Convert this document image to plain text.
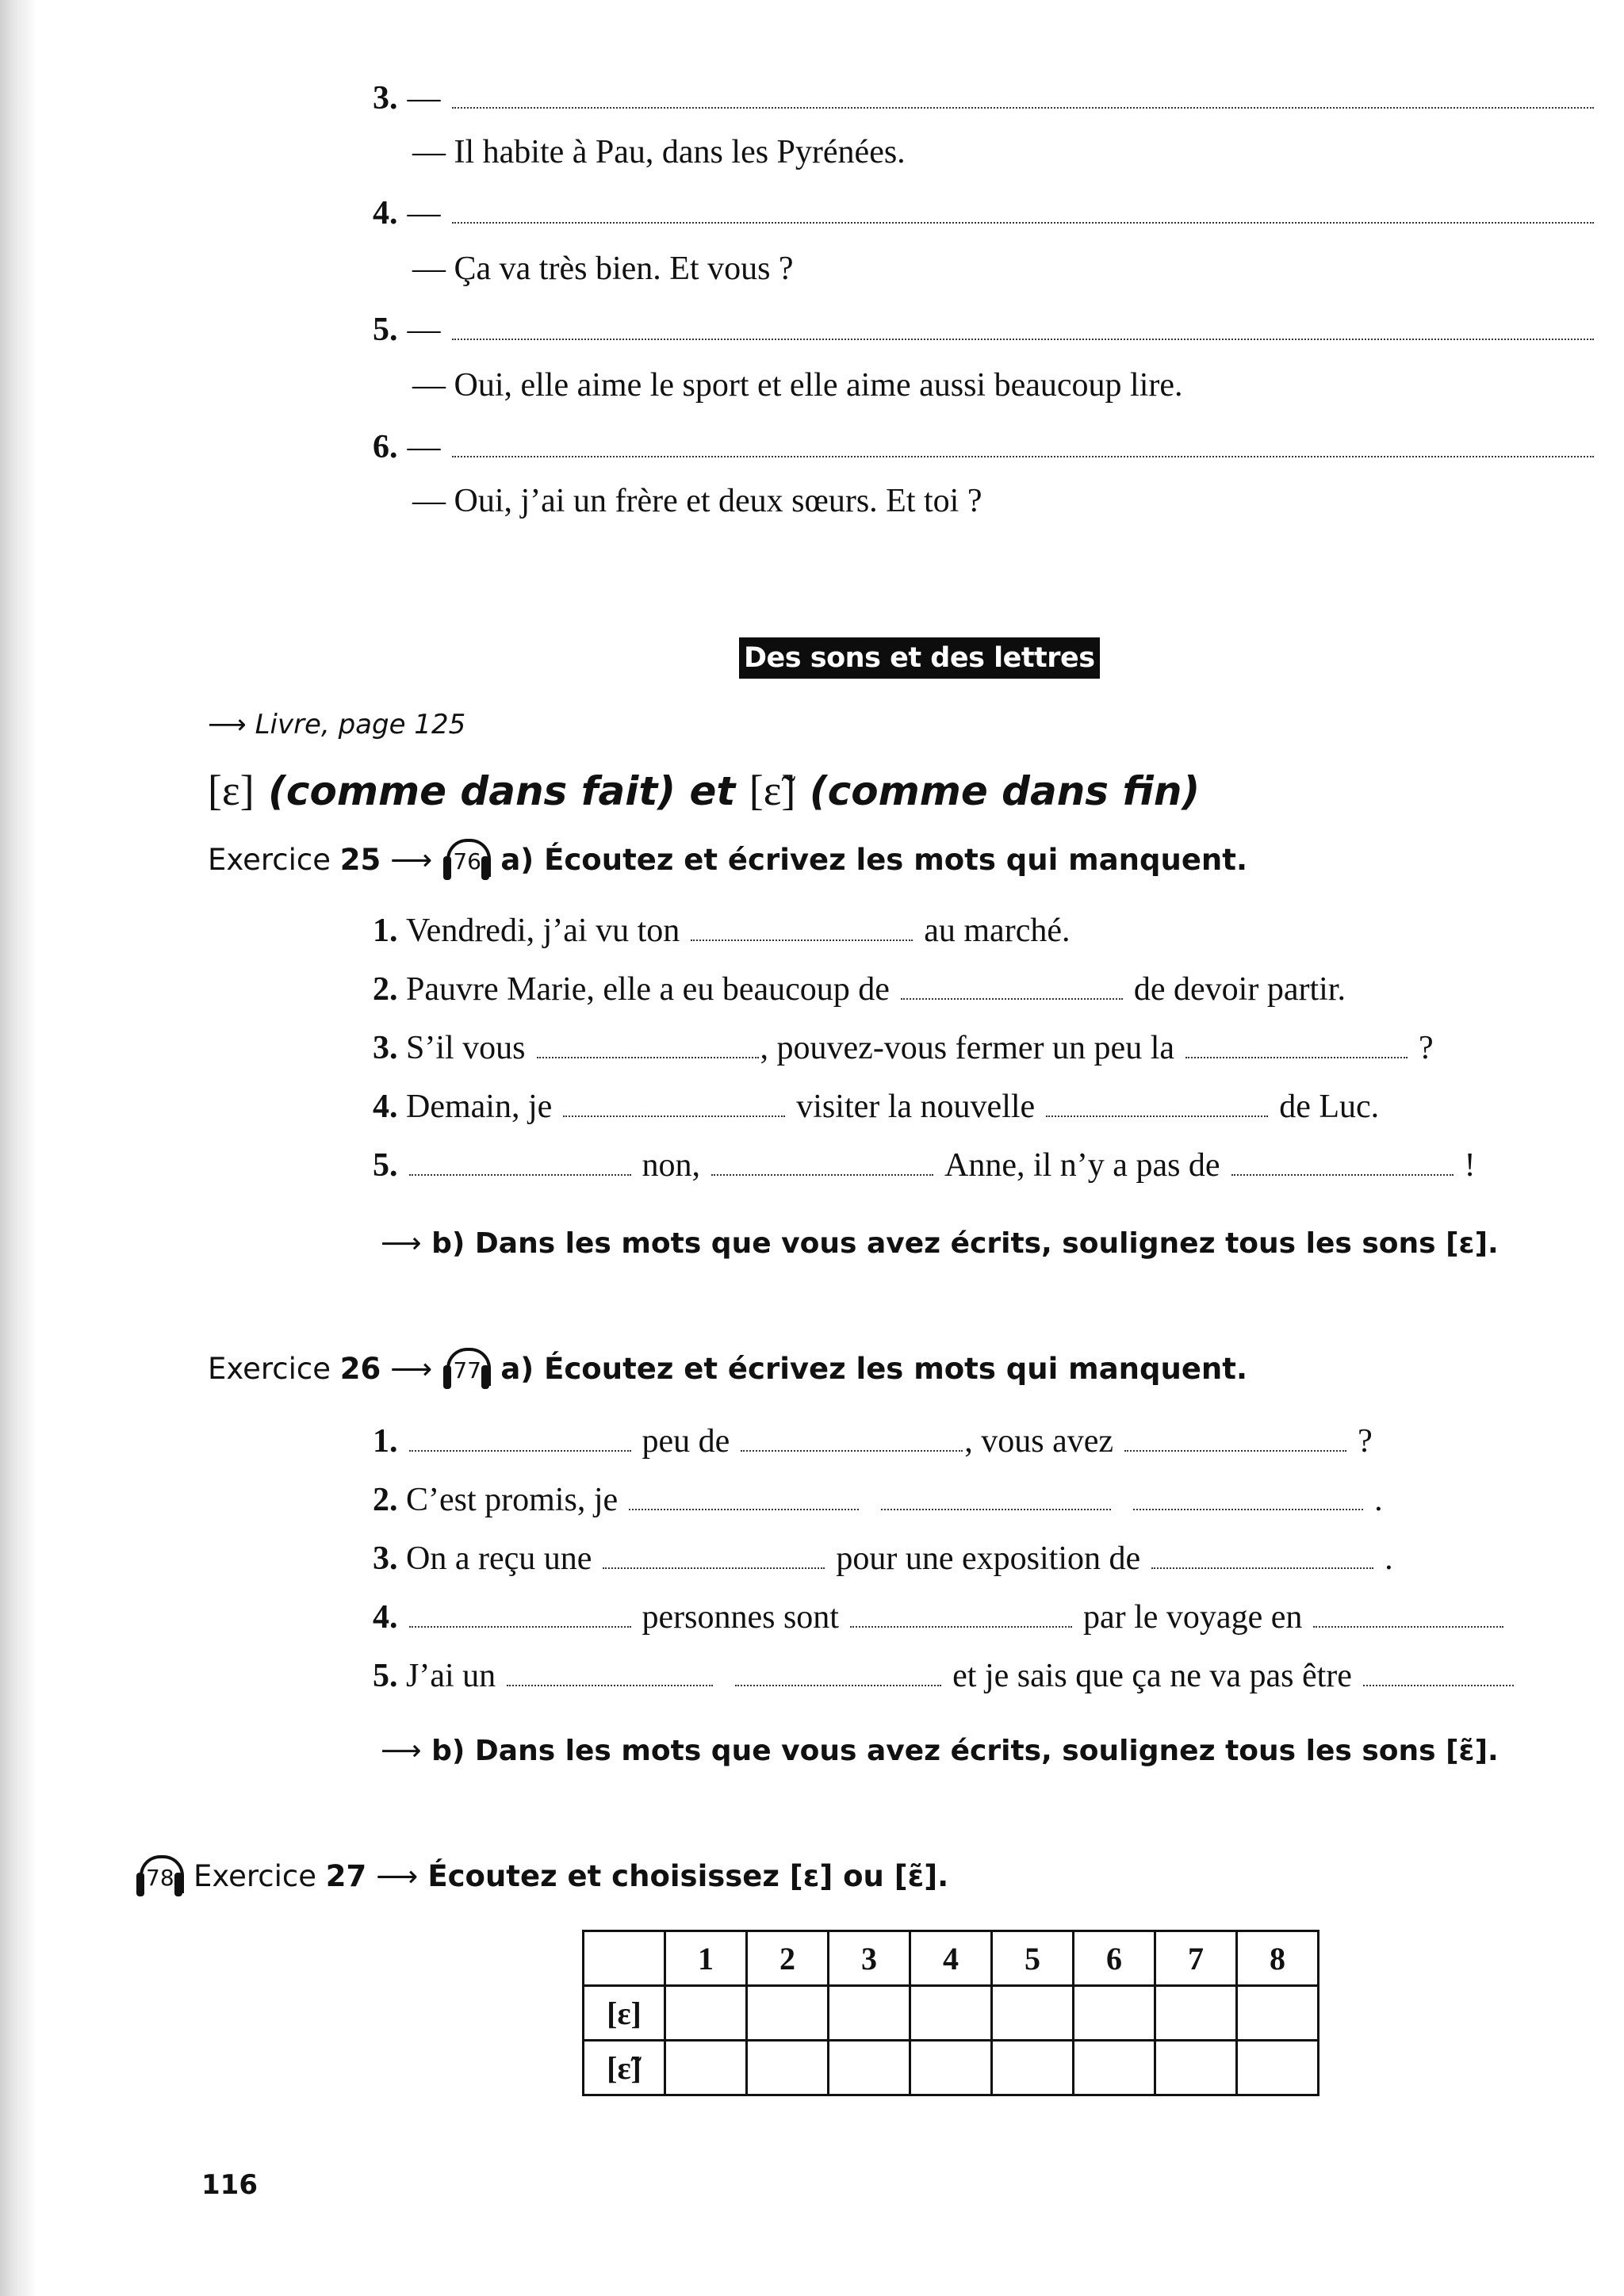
3. —
— Il habite à Pau, dans les Pyrénées.
4. —
— Ça va très bien. Et vous ?
5. —
— Oui, elle aime le sport et elle aime aussi beaucoup lire.
6. —
— Oui, j’ai un frère et deux sœurs. Et toi ?
Des sons et des lettres
⟶ Livre, page 125
[ε] (comme dans fait) et [ɛ̃] (comme dans fin)
Exercice
25 ⟶ 76 a) Écoutez et écrivez les mots qui manquent.
1.
Vendredi, j’ai vu ton	au marché.
2.
Pauvre Marie, elle a eu beaucoup de	de devoir partir.
3.
S’il vous	, pouvez-vous fermer un peu la	?
4.
Demain, je	visiter la nouvelle	de Luc.
5.	non,	Anne, il n’y a pas de	!
⟶ b) Dans les mots que vous avez écrits, soulignez tous les sons [ε].
Exercice
26 ⟶ 77 a) Écoutez et écrivez les mots qui manquent.
1.	peu de	, vous avez	?
2.
C’est promis, je	.
3.
On a reçu une	pour une exposition de	.
4.	personnes sont	par le voyage en
5.
J’ai un	et je sais que ça ne va pas être
⟶ b) Dans les mots que vous avez écrits, soulignez tous les sons [ɛ̃].
78 Exercice
27 ⟶ Écoutez et choisissez [ε] ou [ɛ̃].
	1	2	3	4	5	6	7	8
[ε]								
[ɛ̃]								
116
